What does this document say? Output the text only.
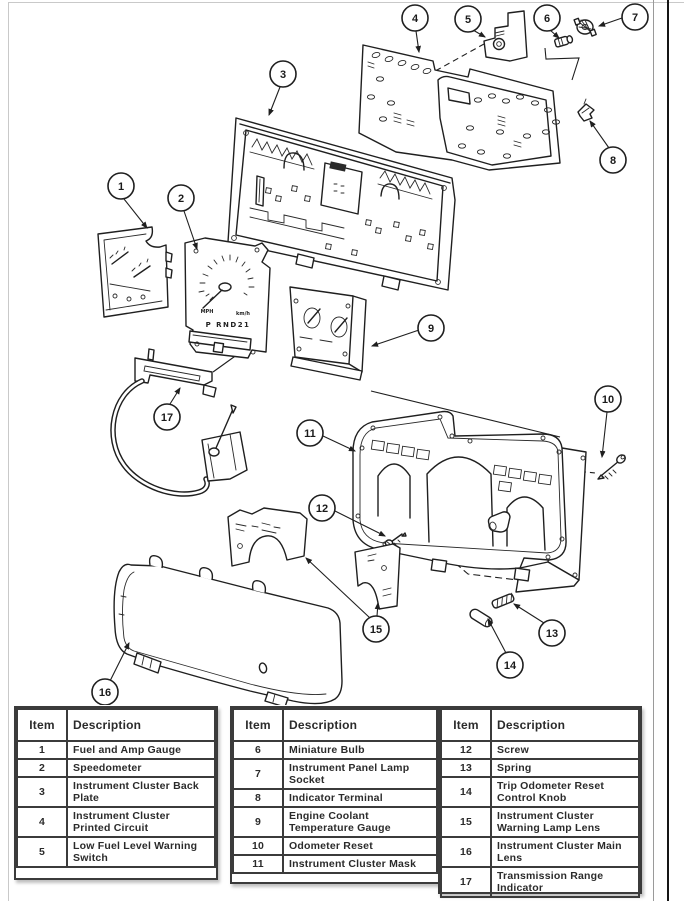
MPH	km/h
P RND21
1
2
3
4	5	6	7
8
9
10
11
12
13
14
15
16
17
Item	Description
1	Fuel and Amp Gauge
2	Speedometer
3	Instrument Cluster Back Plate
4	Instrument Cluster Printed Circuit
5	Low Fuel Level Warning Switch
Item	Description
6	Miniature Bulb
7	Instrument Panel Lamp Socket
8	Indicator Terminal
9	Engine Coolant Temperature Gauge
10	Odometer Reset
11	Instrument Cluster Mask
Item	Description
12	Screw
13	Spring
14	Trip Odometer Reset Control Knob
15	Instrument Cluster Warning Lamp Lens
16	Instrument Cluster Main Lens
17	Transmission Range Indicator
